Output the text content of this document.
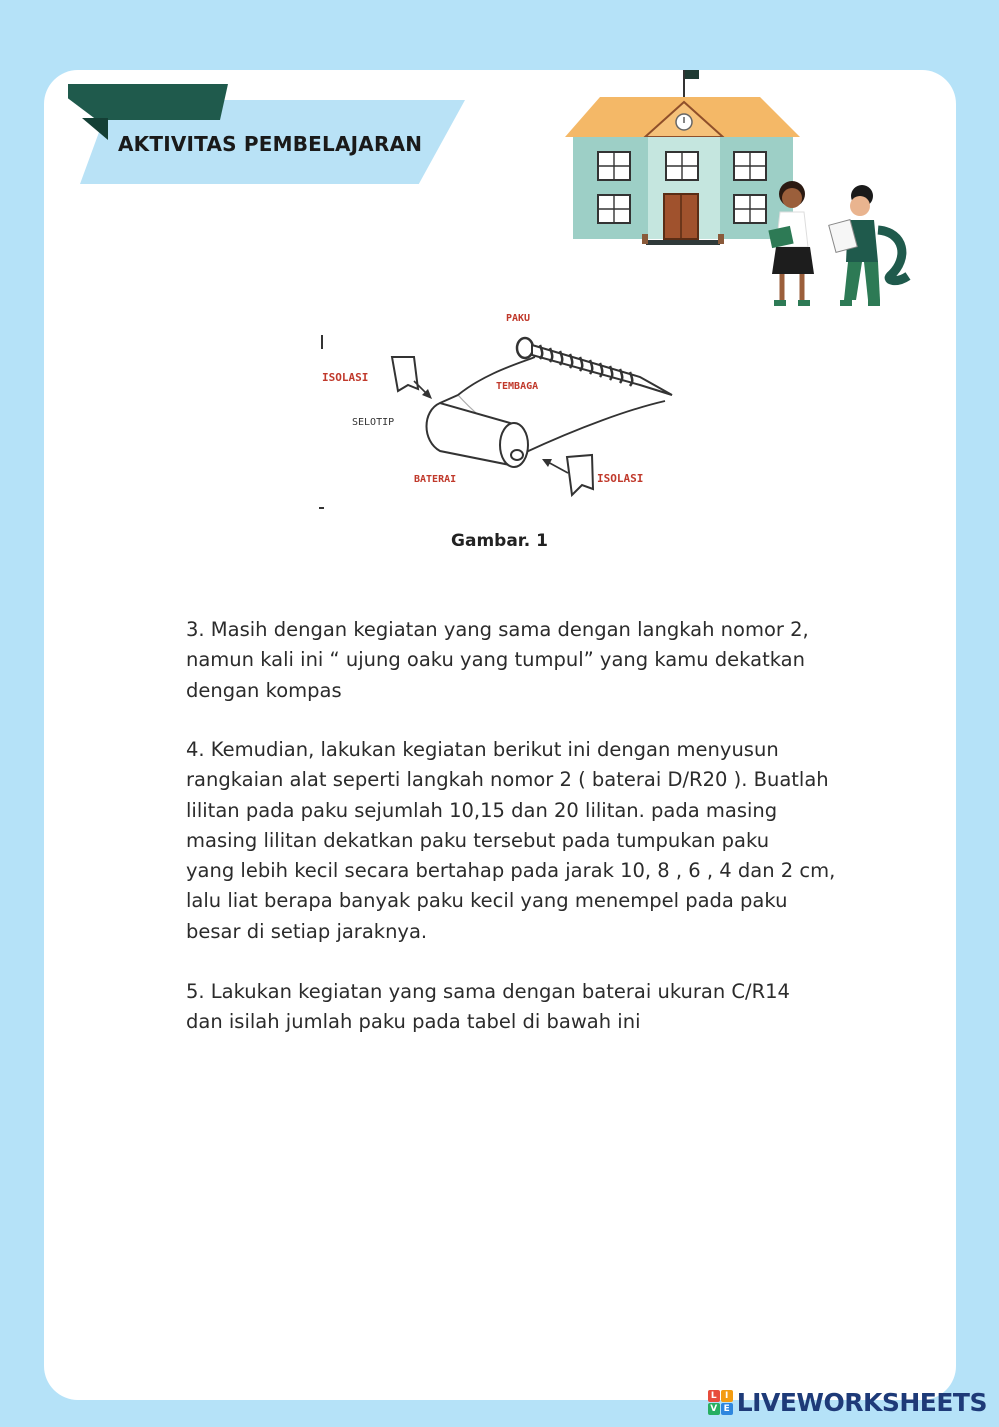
AKTIVITAS PEMBELAJARAN
PAKU
ISOLASI
SELOTIP
TEMBAGA
BATERAI	ISOLASI
Gambar. 1

3. Masih dengan kegiatan yang sama dengan langkah nomor 2,
namun kali ini “ ujung oaku yang tumpul” yang kamu dekatkan
dengan kompas

4. Kemudian, lakukan kegiatan berikut ini dengan menyusun
rangkaian alat seperti langkah nomor 2 ( baterai D/R20 ). Buatlah
lilitan pada paku sejumlah 10,15 dan 20 lilitan. pada masing
masing lilitan dekatkan paku tersebut pada tumpukan paku
yang lebih kecil secara bertahap pada jarak 10, 8 , 6 , 4 dan 2 cm,
lalu liat berapa banyak paku kecil yang menempel pada paku
besar di setiap jaraknya.

5. Lakukan kegiatan yang sama dengan baterai ukuran C/R14
dan isilah jumlah paku pada tabel di bawah ini

L I
V E LIVEWORKSHEETS
